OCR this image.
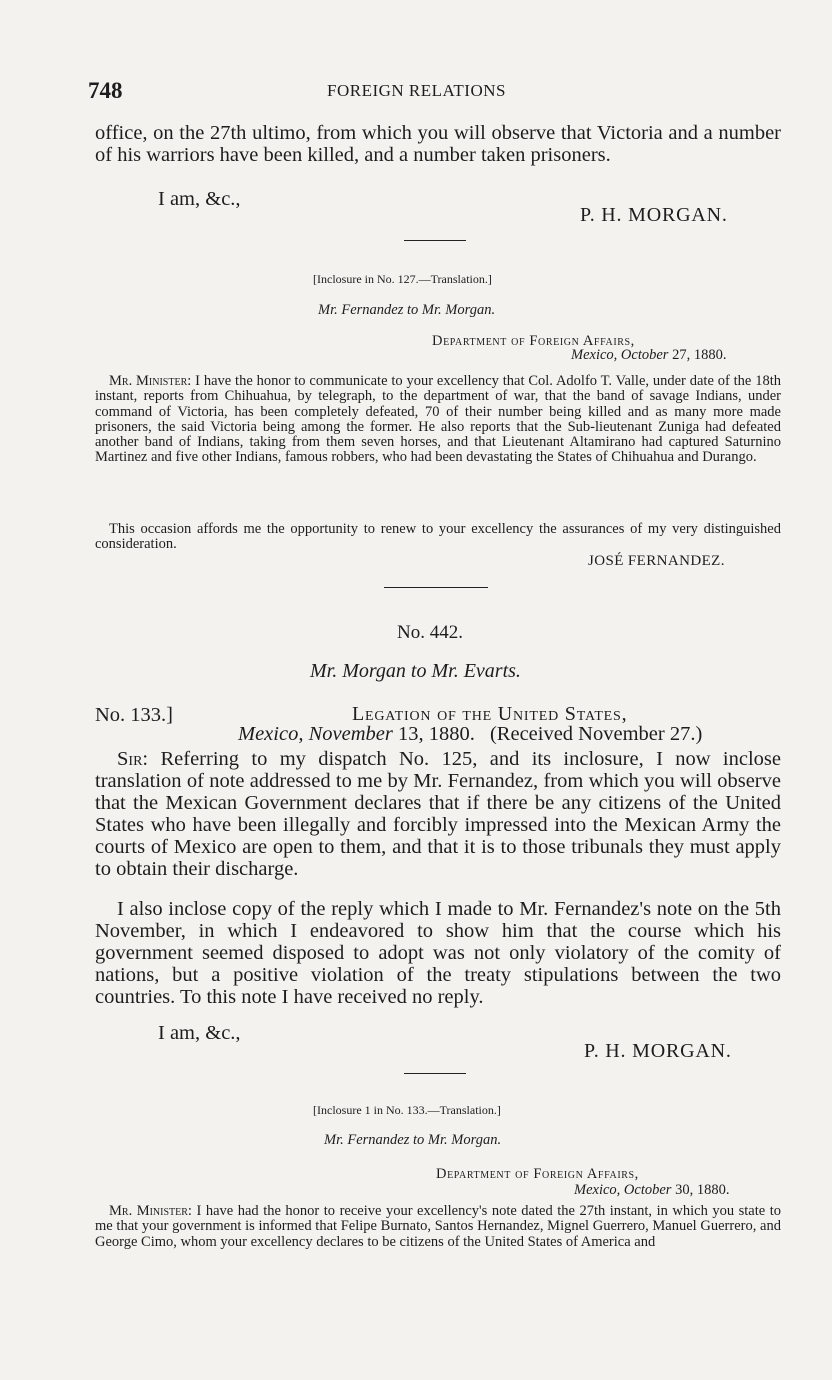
748	FOREIGN RELATIONS
office, on the 27th ultimo, from which you will observe that Victoria and a number of his warriors have been killed, and a number taken prisoners.
I am, &c.,
P. H. MORGAN.
[Inclosure in No. 127.—Translation.]
Mr. Fernandez to Mr. Morgan.
Department of Foreign Affairs,
Mexico, October 27, 1880.
Mr. Minister: I have the honor to communicate to your excellency that Col. Adolfo T. Valle, under date of the 18th instant, reports from Chihuahua, by telegraph, to the department of war, that the band of savage Indians, under command of Victoria, has been completely defeated, 70 of their number being killed and as many more made prisoners, the said Victoria being among the former. He also reports that the Sub-lieutenant Zuniga had defeated another band of Indians, taking from them seven horses, and that Lieutenant Altamirano had captured Saturnino Martinez and five other Indians, famous robbers, who had been devastating the States of Chihuahua and Durango.
This occasion affords me the opportunity to renew to your excellency the assurances of my very distinguished consideration.
JOSÉ FERNANDEZ.
No. 442.
Mr. Morgan to Mr. Evarts.
No. 133.]	Legation of the United States,
Mexico, November 13, 1880. (Received November 27.)
Sir: Referring to my dispatch No. 125, and its inclosure, I now inclose translation of note addressed to me by Mr. Fernandez, from which you will observe that the Mexican Government declares that if there be any citizens of the United States who have been illegally and forcibly impressed into the Mexican Army the courts of Mexico are open to them, and that it is to those tribunals they must apply to obtain their discharge.
I also inclose copy of the reply which I made to Mr. Fernandez's note on the 5th November, in which I endeavored to show him that the course which his government seemed disposed to adopt was not only violatory of the comity of nations, but a positive violation of the treaty stipulations between the two countries. To this note I have received no reply.
I am, &c.,
P. H. MORGAN.
[Inclosure 1 in No. 133.—Translation.]
Mr. Fernandez to Mr. Morgan.
Department of Foreign Affairs,
Mexico, October 30, 1880.
Mr. Minister: I have had the honor to receive your excellency's note dated the 27th instant, in which you state to me that your government is informed that Felipe Burnato, Santos Hernandez, Mignel Guerrero, Manuel Guerrero, and George Cimo, whom your excellency declares to be citizens of the United States of America and
